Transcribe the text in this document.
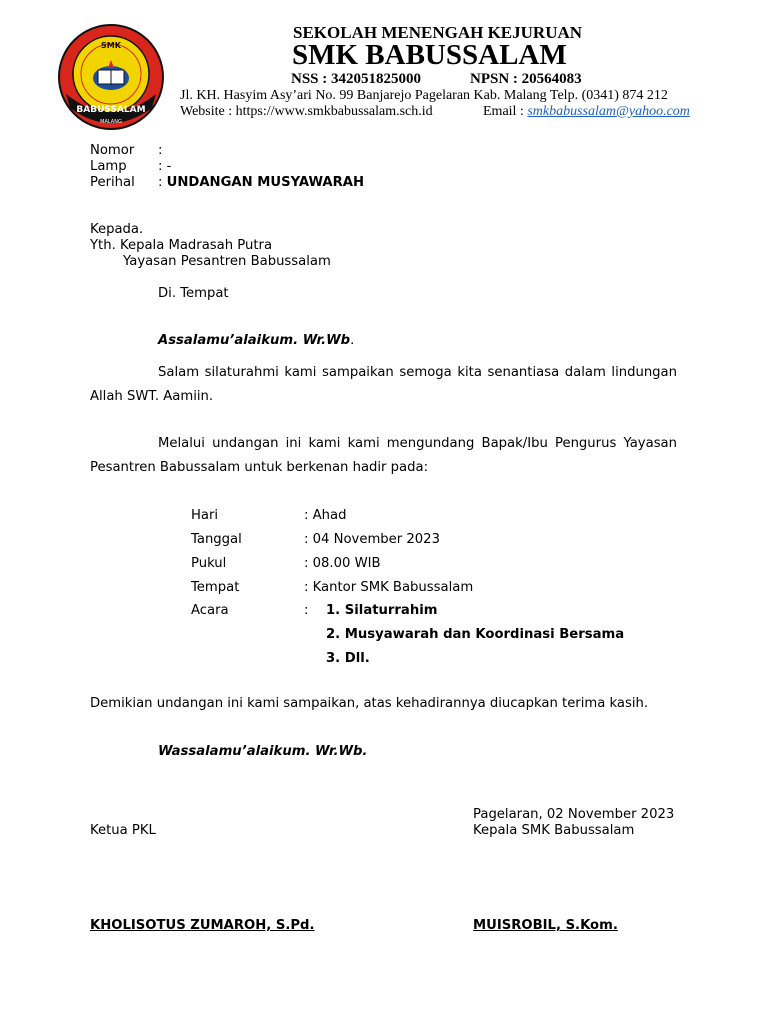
SMK
BABUSSALAM
MALANG
SEKOLAH MENENGAH KEJURUAN
SMK BABUSSALAM
NSS : 342051825000	NPSN : 20564083
Jl. KH. Hasyim Asy’ari No. 99 Banjarejo Pagelaran Kab. Malang Telp. (0341) 874 212
Website : https://www.smkbabussalam.sch.id	Email : smkbabussalam@yahoo.com
Nomor :
Lamp : -
Perihal : UNDANGAN MUSYAWARAH
Kepada.
Yth. Kepala Madrasah Putra
Yayasan Pesantren Babussalam
Di. Tempat
Assalamu’alaikum. Wr.Wb.
Salam silaturahmi kami sampaikan semoga kita senantiasa dalam lindungan
Allah SWT. Aamiin.
Melalui undangan ini kami kami mengundang Bapak/Ibu Pengurus Yayasan
Pesantren Babussalam untuk berkenan hadir pada:
Hari	: Ahad
Tanggal	: 04 November 2023
Pukul	: 08.00 WIB
Tempat	: Kantor SMK Babussalam
Acara	: 1. Silaturrahim
2. Musyawarah dan Koordinasi Bersama
3. Dll.
Demikian undangan ini kami sampaikan, atas kehadirannya diucapkan terima kasih.
Wassalamu’alaikum. Wr.Wb.
Pagelaran, 02 November 2023
Ketua PKL	Kepala SMK Babussalam
KHOLISOTUS ZUMAROH, S.Pd.	MUISROBIL, S.Kom.
